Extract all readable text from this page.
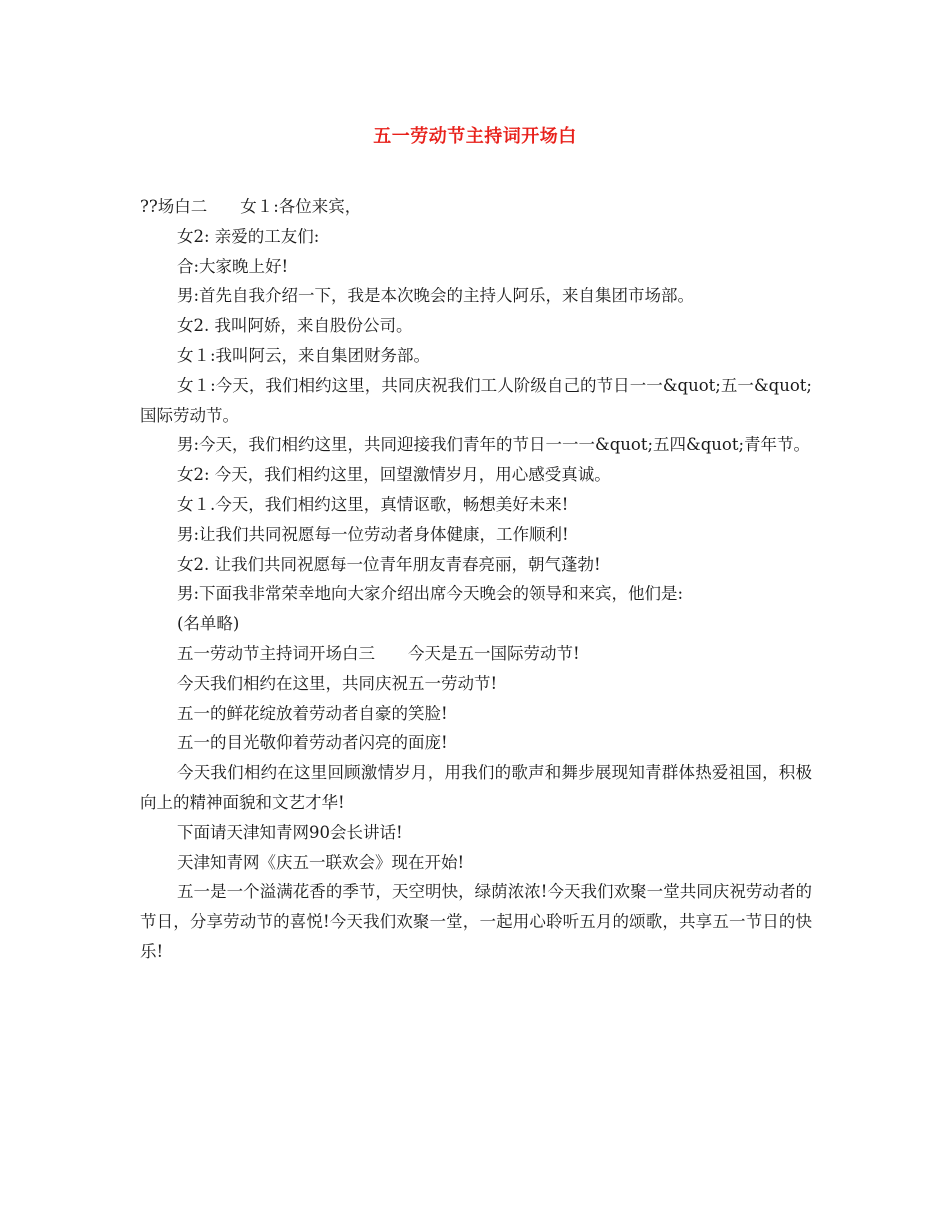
五一劳动节主持词开场白

??场白二　　女１:各位来宾，

女2: 亲爱的工友们:

合:大家晚上好!

男:首先自我介绍一下，我是本次晚会的主持人阿乐，来自集团市场部。

女2. 我叫阿娇，来自股份公司。

女１:我叫阿云，来自集团财务部。

女１:今天，我们相约这里，共同庆祝我们工人阶级自己的节日一一&quot;五一&quot;国际劳动节。

男:今天，我们相约这里，共同迎接我们青年的节日一一一&quot;五四&quot;青年节。

女2: 今天，我们相约这里，回望激情岁月，用心感受真诚。

女１.今天，我们相约这里，真情讴歌，畅想美好未来!

男:让我们共同祝愿每一位劳动者身体健康，工作顺利!

女2. 让我们共同祝愿每一位青年朋友青春亮丽，朝气蓬勃!

男:下面我非常荣幸地向大家介绍出席今天晚会的领导和来宾，他们是:

(名单略)

五一劳动节主持词开场白三　　今天是五一国际劳动节!

今天我们相约在这里，共同庆祝五一劳动节!

五一的鲜花绽放着劳动者自豪的笑脸!

五一的目光敬仰着劳动者闪亮的面庞!

今天我们相约在这里回顾激情岁月，用我们的歌声和舞步展现知青群体热爱祖国，积极向上的精神面貌和文艺才华!

下面请天津知青网90会长讲话!

天津知青网《庆五一联欢会》现在开始!

五一是一个溢满花香的季节，天空明快，绿荫浓浓!今天我们欢聚一堂共同庆祝劳动者的节日，分享劳动节的喜悦!今天我们欢聚一堂，一起用心聆听五月的颂歌，共享五一节日的快乐!
